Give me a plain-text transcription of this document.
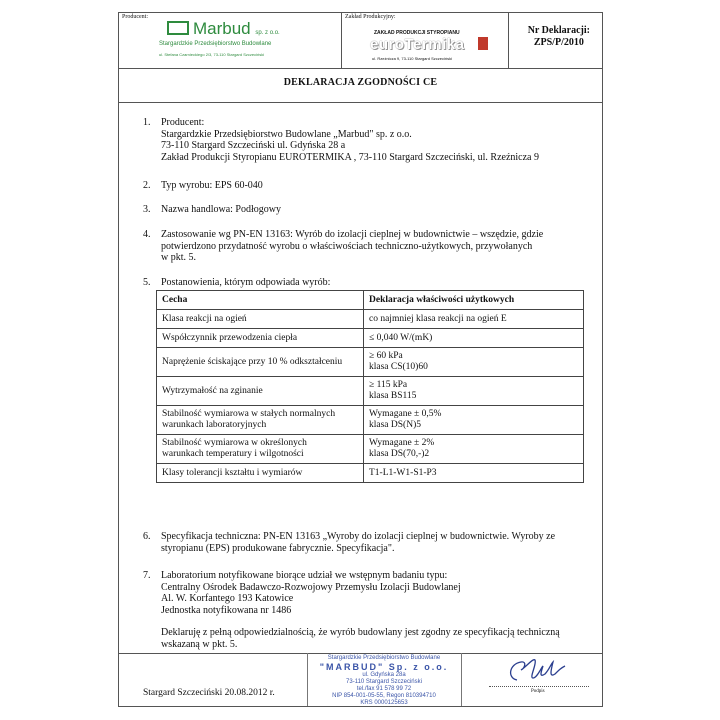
Producent:
Marbud sp. z o.o.
Stargardzkie Przedsiębiorstwo Budowlane
ul. Stefana Czarnieckiego 2/3, 73-110 Stargard Szczeciński
Zakład Produkcyjny:
ZAKŁAD PRODUKCJI STYROPIANU
euroTermika
ul. Rzeźnicza 9, 73-110 Stargard Szczeciński
Nr Deklaracji:
ZPS/P/2010
DEKLARACJA ZGODNOŚCI CE
1.	Producent:
Stargardzkie Przedsiębiorstwo Budowlane „Marbud" sp. z o.o.
73-110 Stargard Szczeciński ul. Gdyńska 28 a
Zakład Produkcji Styropianu EUROTERMIKA , 73-110 Stargard Szczeciński, ul. Rzeźnicza 9
2.	Typ wyrobu: EPS 60-040
3.	Nazwa handlowa: Podłogowy
4.	Zastosowanie wg PN-EN 13163: Wyrób do izolacji cieplnej w budownictwie – wszędzie, gdzie
potwierdzono przydatność wyrobu o właściwościach techniczno-użytkowych, przywołanych
w pkt. 5.
5.	Postanowienia, którym odpowiada wyrób:
Cecha	Deklaracja właściwości użytkowych
Klasa reakcji na ogień	co najmniej klasa reakcji na ogień E
Współczynnik przewodzenia ciepła	≤ 0,040 W/(mK)
Naprężenie ściskające przy 10 % odkształceniu	≥ 60 kPa
klasa CS(10)60
Wytrzymałość na zginanie	≥ 115 kPa
klasa BS115
Stabilność wymiarowa w stałych normalnych
warunkach laboratoryjnych	Wymagane ± 0,5%
klasa DS(N)5
Stabilność wymiarowa w określonych
warunkach temperatury i wilgotności	Wymagane ± 2%
klasa DS(70,-)2
Klasy tolerancji kształtu i wymiarów	T1-L1-W1-S1-P3
6.	Specyfikacja techniczna: PN-EN 13163 „Wyroby do izolacji cieplnej w budownictwie. Wyroby ze
styropianu (EPS) produkowane fabrycznie. Specyfikacja".
7.	Laboratorium notyfikowane biorące udział we wstępnym badaniu typu:
Centralny Ośrodek Badawczo-Rozwojowy Przemysłu Izolacji Budowlanej
Al. W. Korfantego 193 Katowice
Jednostka notyfikowana nr 1486
Deklaruję z pełną odpowiedzialnością, że wyrób budowlany jest zgodny ze specyfikacją techniczną
wskazaną w pkt. 5.
Stargard Szczeciński 20.08.2012 r.
Stargardzkie Przedsiębiorstwo Budowlane
"MARBUD" Sp. z o.o.
ul. Gdyńska 28a
73-110 Stargard Szczeciński
tel./fax 91 578 99 72
NIP 854-001-05-55, Regon 810394710
KRS 0000125653
Podpis
